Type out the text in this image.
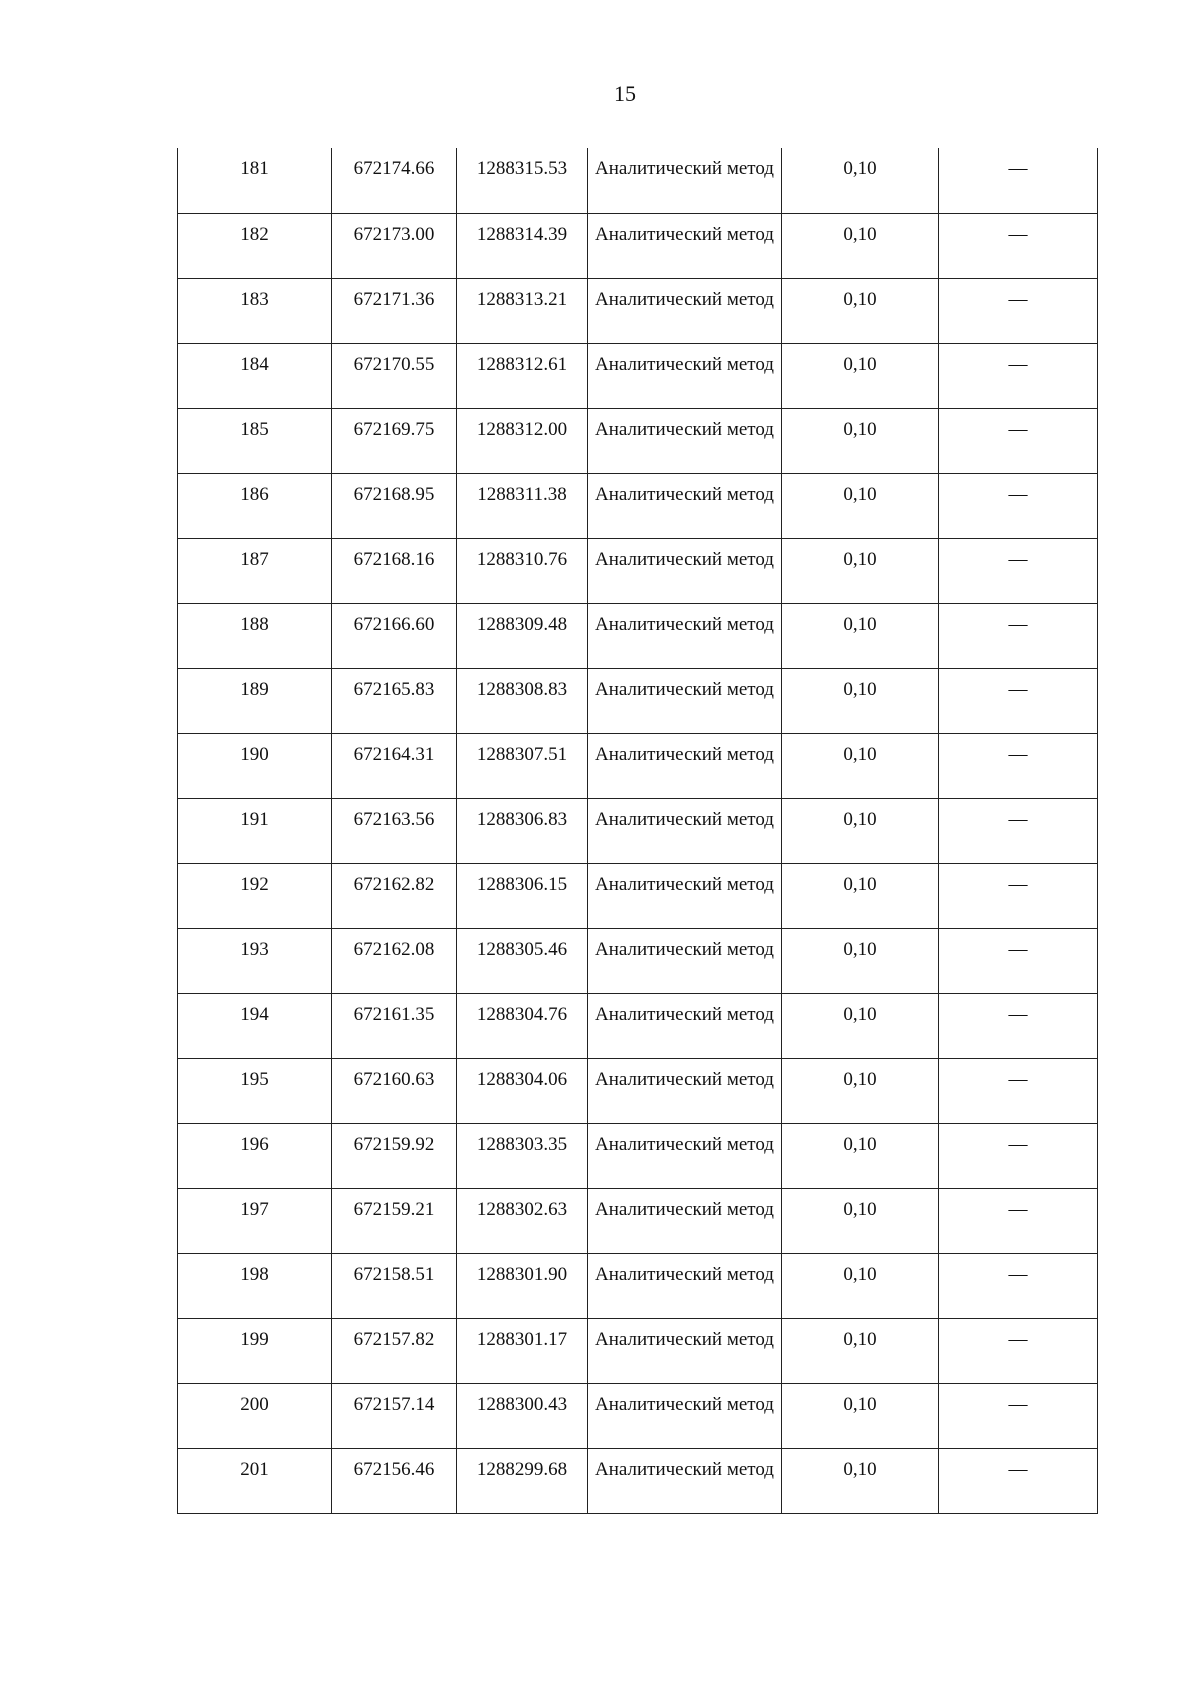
15
181	672174.66	1288315.53	Аналитический метод	0,10	—
182	672173.00	1288314.39	Аналитический метод	0,10	—
183	672171.36	1288313.21	Аналитический метод	0,10	—
184	672170.55	1288312.61	Аналитический метод	0,10	—
185	672169.75	1288312.00	Аналитический метод	0,10	—
186	672168.95	1288311.38	Аналитический метод	0,10	—
187	672168.16	1288310.76	Аналитический метод	0,10	—
188	672166.60	1288309.48	Аналитический метод	0,10	—
189	672165.83	1288308.83	Аналитический метод	0,10	—
190	672164.31	1288307.51	Аналитический метод	0,10	—
191	672163.56	1288306.83	Аналитический метод	0,10	—
192	672162.82	1288306.15	Аналитический метод	0,10	—
193	672162.08	1288305.46	Аналитический метод	0,10	—
194	672161.35	1288304.76	Аналитический метод	0,10	—
195	672160.63	1288304.06	Аналитический метод	0,10	—
196	672159.92	1288303.35	Аналитический метод	0,10	—
197	672159.21	1288302.63	Аналитический метод	0,10	—
198	672158.51	1288301.90	Аналитический метод	0,10	—
199	672157.82	1288301.17	Аналитический метод	0,10	—
200	672157.14	1288300.43	Аналитический метод	0,10	—
201	672156.46	1288299.68	Аналитический метод	0,10	—
